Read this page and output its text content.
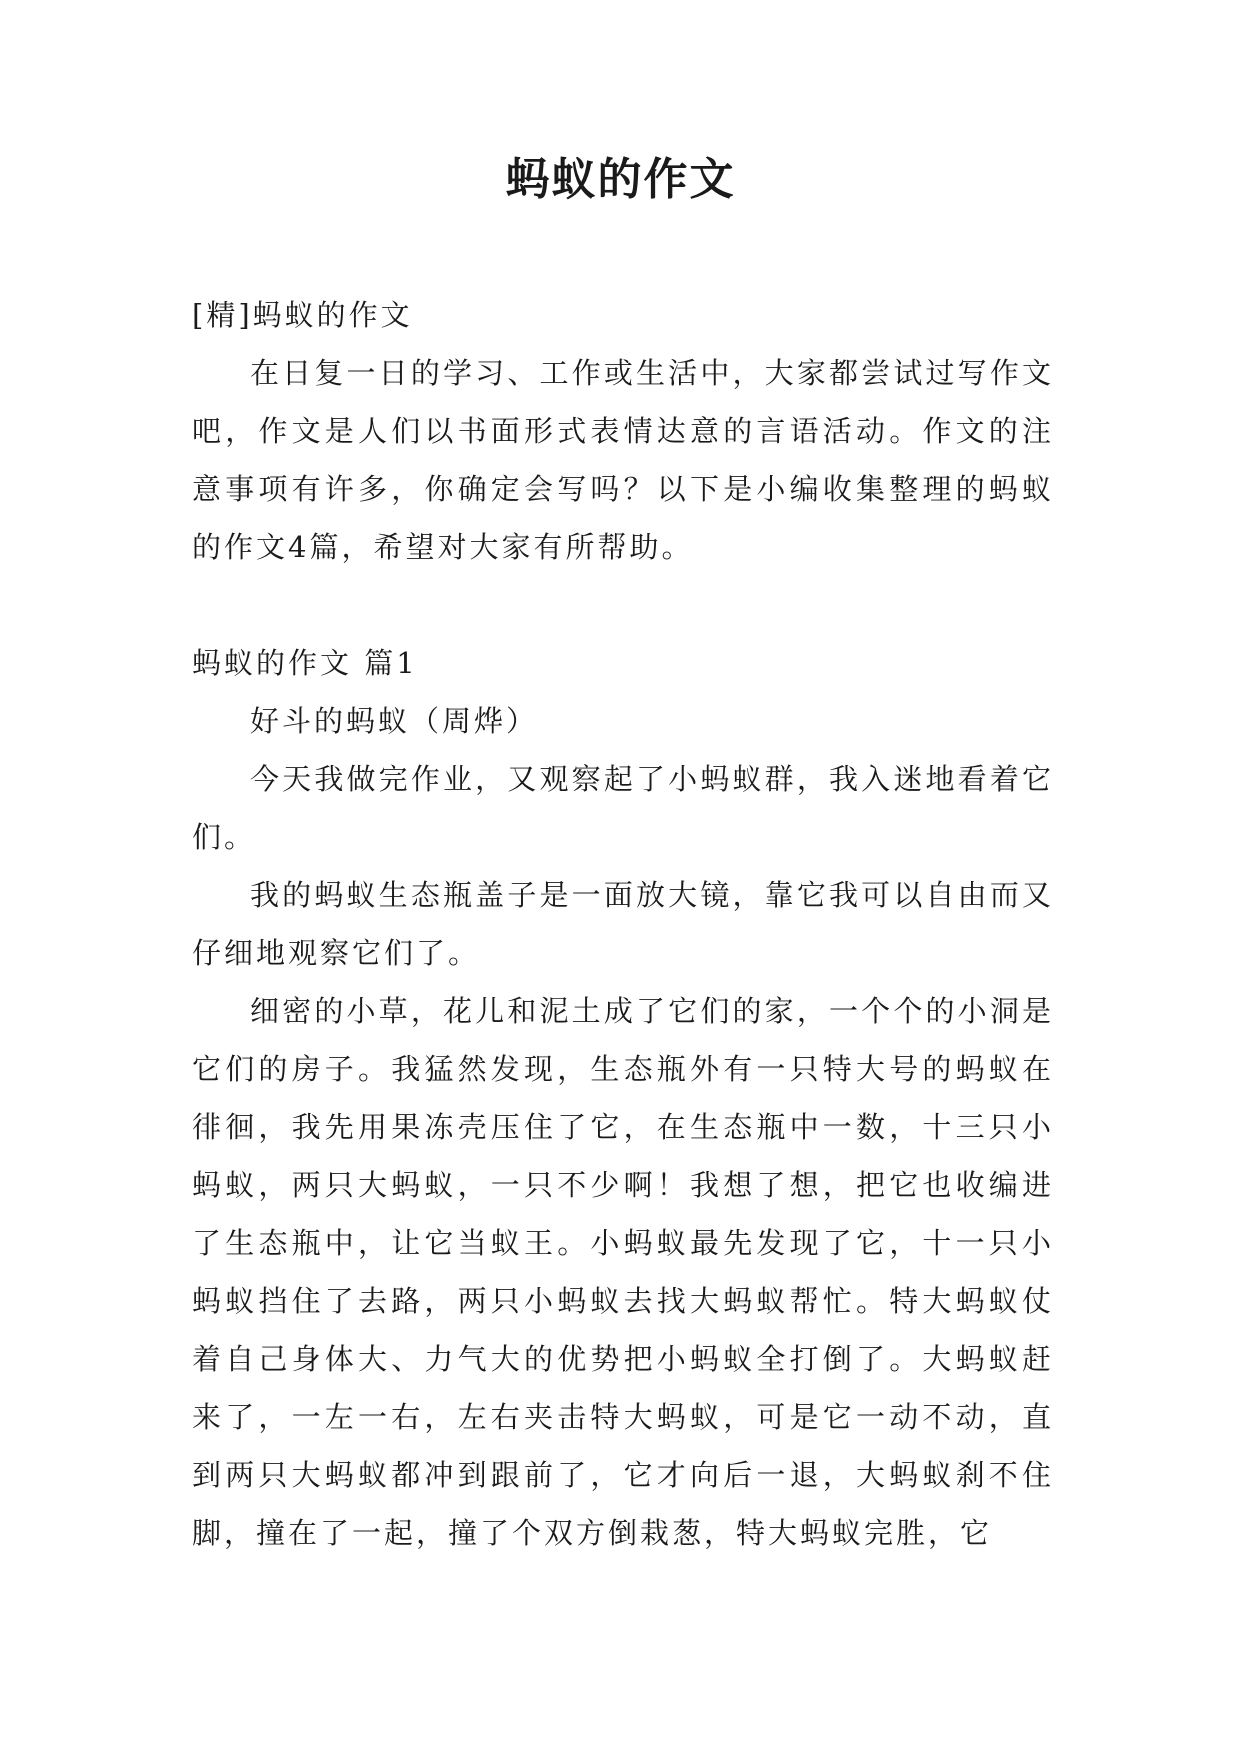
蚂蚁的作文

[精]蚂蚁的作文

在日复一日的学习、工作或生活中，大家都尝试过写作文吧，作文是人们以书面形式表情达意的言语活动。作文的注意事项有许多，你确定会写吗？以下是小编收集整理的蚂蚁的作文4篇，希望对大家有所帮助。

蚂蚁的作文 篇1

好斗的蚂蚁（周烨）

今天我做完作业，又观察起了小蚂蚁群，我入迷地看着它们。

我的蚂蚁生态瓶盖子是一面放大镜，靠它我可以自由而又仔细地观察它们了。

细密的小草，花儿和泥土成了它们的家，一个个的小洞是它们的房子。我猛然发现，生态瓶外有一只特大号的蚂蚁在徘徊，我先用果冻壳压住了它，在生态瓶中一数，十三只小蚂蚁，两只大蚂蚁，一只不少啊！我想了想，把它也收编进了生态瓶中，让它当蚁王。小蚂蚁最先发现了它，十一只小蚂蚁挡住了去路，两只小蚂蚁去找大蚂蚁帮忙。特大蚂蚁仗着自己身体大、力气大的优势把小蚂蚁全打倒了。大蚂蚁赶来了，一左一右，左右夹击特大蚂蚁，可是它一动不动，直到两只大蚂蚁都冲到跟前了，它才向后一退，大蚂蚁刹不住脚，撞在了一起，撞了个双方倒栽葱，特大蚂蚁完胜，它
